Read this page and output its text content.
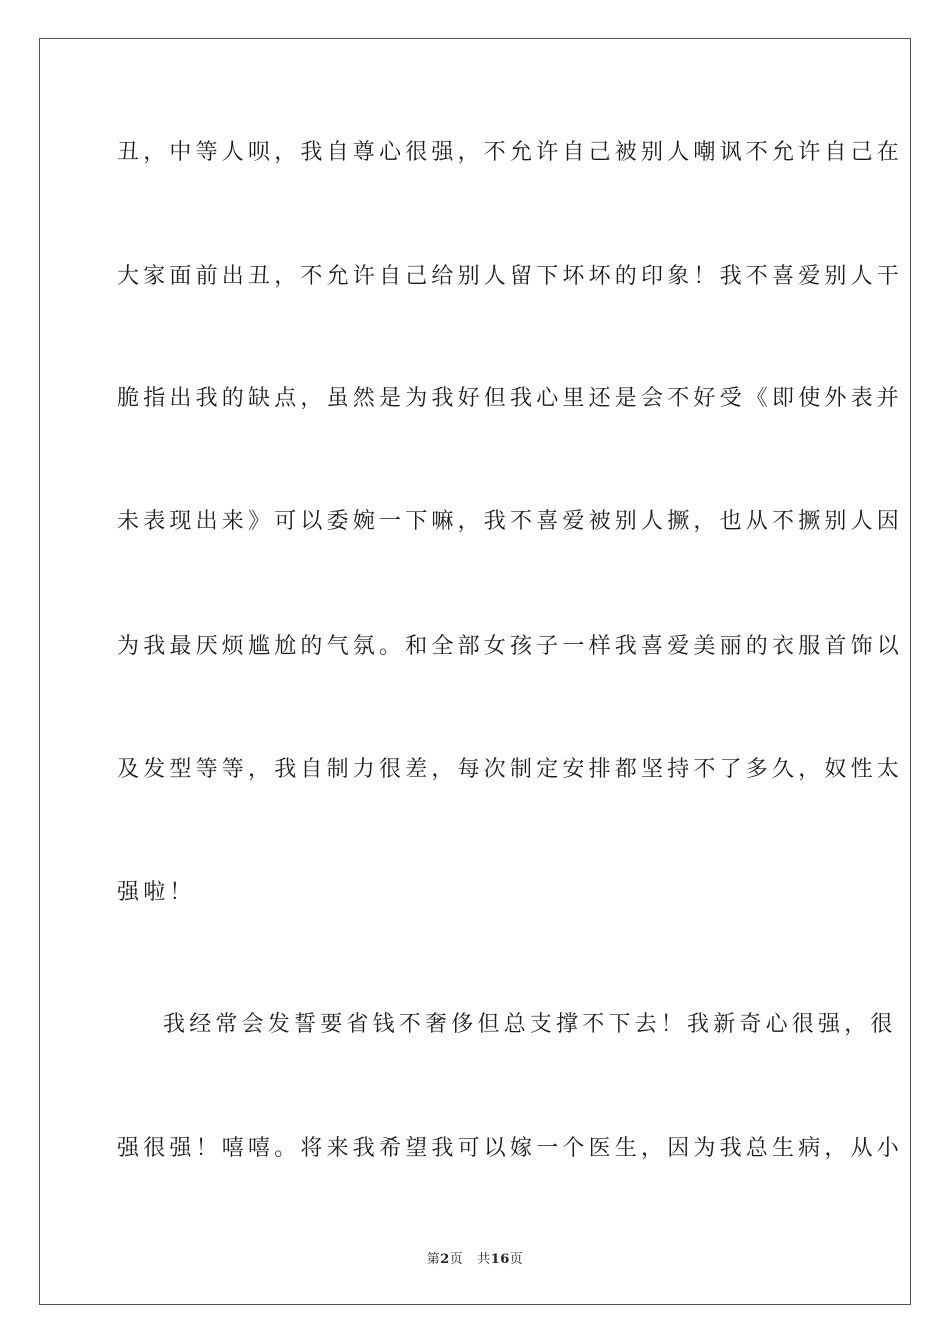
丑，中等人呗，我自尊心很强，不允许自己被别人嘲讽不允许自己在
大家面前出丑，不允许自己给别人留下坏坏的印象！我不喜爱别人干
脆指出我的缺点，虽然是为我好但我心里还是会不好受《即使外表并
未表现出来》可以委婉一下嘛，我不喜爱被别人撅，也从不撅别人因
为我最厌烦尴尬的气氛。和全部女孩子一样我喜爱美丽的衣服首饰以
及发型等等，我自制力很差，每次制定安排都坚持不了多久，奴性太
强啦！
我经常会发誓要省钱不奢侈但总支撑不下去！我新奇心很强，很
强很强！嘻嘻。将来我希望我可以嫁一个医生，因为我总生病，从小
第2页 共16页
